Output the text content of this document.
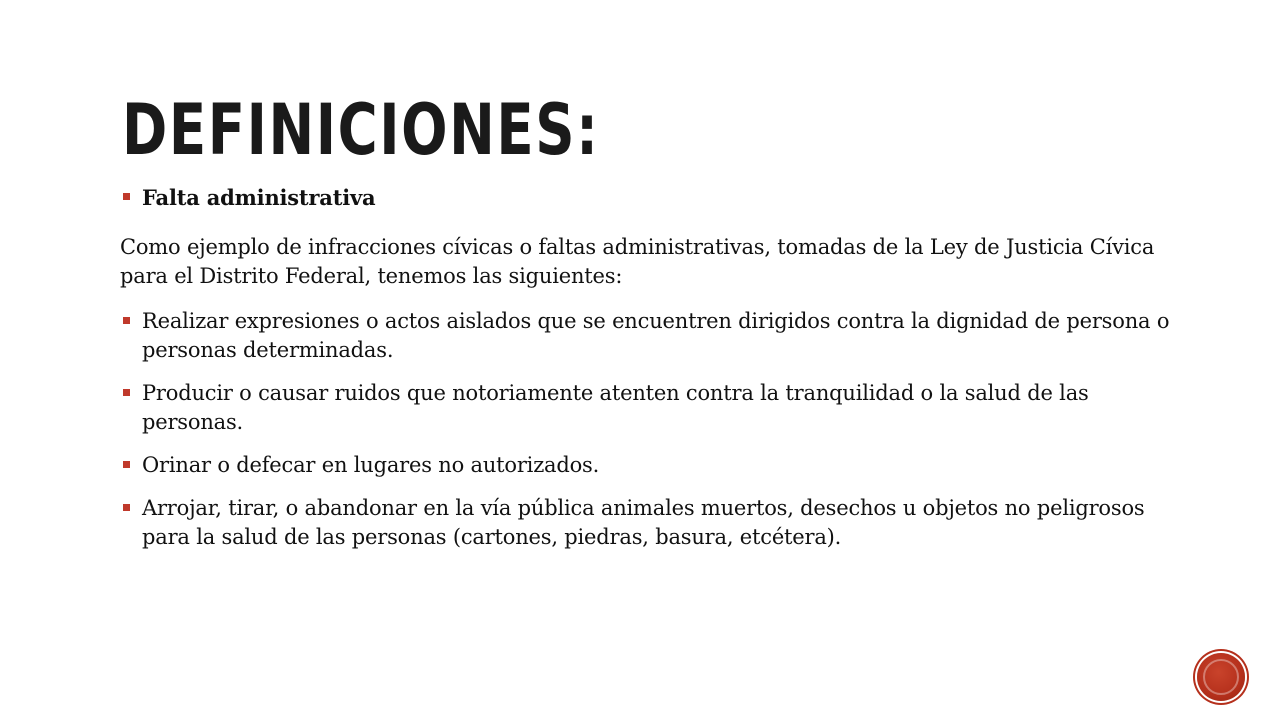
DEFINICIONES:
Falta administrativa

Como ejemplo de infracciones cívicas o faltas administrativas, tomadas de la Ley de Justicia Cívica para el Distrito Federal, tenemos las siguientes:

Realizar expresiones o actos aislados que se encuentren dirigidos contra la dignidad de persona o personas determinadas.
Producir o causar ruidos que notoriamente atenten contra la tranquilidad o la salud de las personas.
Orinar o defecar en lugares no autorizados.
Arrojar, tirar, o abandonar en la vía pública animales muertos, desechos u objetos no peligrosos para la salud de las personas (cartones, piedras, basura, etcétera).
